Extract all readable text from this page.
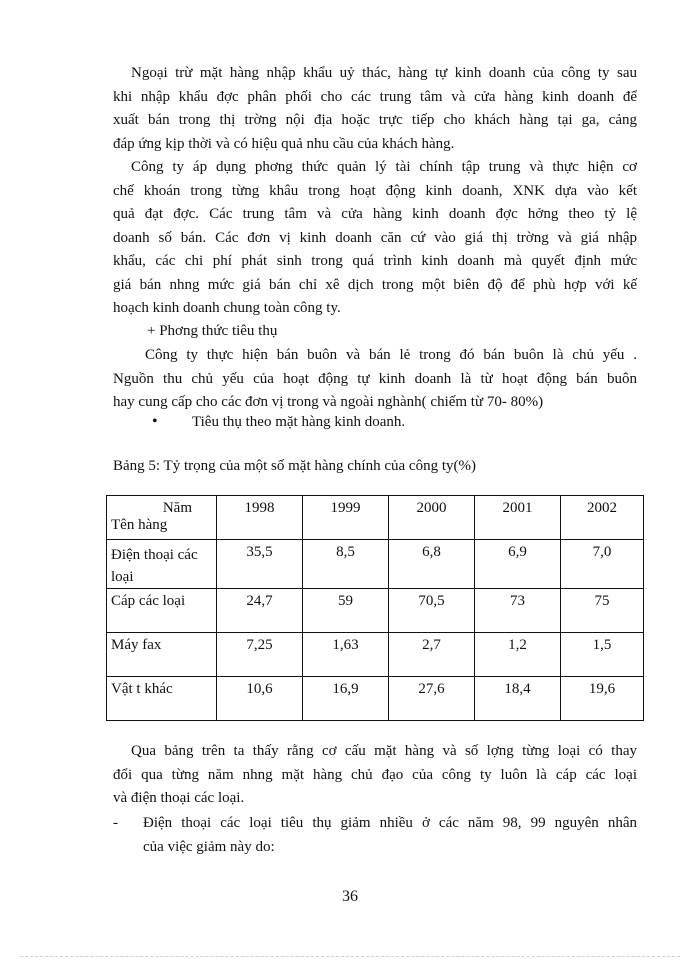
Ngoại trừ mặt hàng nhập khẩu uỷ thác, hàng tự kinh doanh của công ty sau
khi nhập khẩu đợc phân phối cho các trung tâm và cửa hàng kinh doanh để
xuất bán trong thị trờng nội địa hoặc trực tiếp cho khách hàng tại ga, cảng
đáp ứng kịp thời và có hiệu quả nhu cầu của khách hàng.
Công ty áp dụng phơng thức quản lý tài chính tập trung và thực hiện cơ
chế khoán trong từng khâu trong hoạt động kinh doanh, XNK dựa vào kết
quả đạt đợc. Các trung tâm và cửa hàng kinh doanh đợc hởng theo tỷ lệ
doanh số bán. Các đơn vị kinh doanh căn cứ vào giá thị trờng và giá nhập
khẩu, các chi phí phát sinh trong quá trình kinh doanh mà quyết định mức
giá bán nhng mức giá bán chỉ xê dịch trong một biên độ để phù hợp với kế
hoạch kinh doanh chung toàn công ty.
+ Phơng thức tiêu thụ
Công ty thực hiện bán buôn và bán lẻ trong đó bán buôn là chủ yếu .
Nguồn thu chủ yếu của hoạt động tự kinh doanh là từ hoạt động bán buôn
hay cung cấp cho các đơn vị trong và ngoài nghành( chiếm từ 70- 80%)
• Tiêu thụ theo mặt hàng kinh doanh.
Bảng 5: Tỷ trọng của một số mặt hàng chính của công ty(%)
Năm
Tên hàng	1998	1999	2000	2001	2002
Điện thoại các loại	35,5	8,5	6,8	6,9	7,0
Cáp các loại	24,7	59	70,5	73	75
Máy fax	7,25	1,63	2,7	1,2	1,5
Vật t khác	10,6	16,9	27,6	18,4	19,6
Qua bảng trên ta thấy rằng cơ cấu mặt hàng và số lợng từng loại có thay
đổi qua từng năm nhng mặt hàng chủ đạo của công ty luôn là cáp các loại
và điện thoại các loại.
- Điện thoại các loại tiêu thụ giảm nhiều ở các năm 98, 99 nguyên nhân
của việc giảm này do:
36
